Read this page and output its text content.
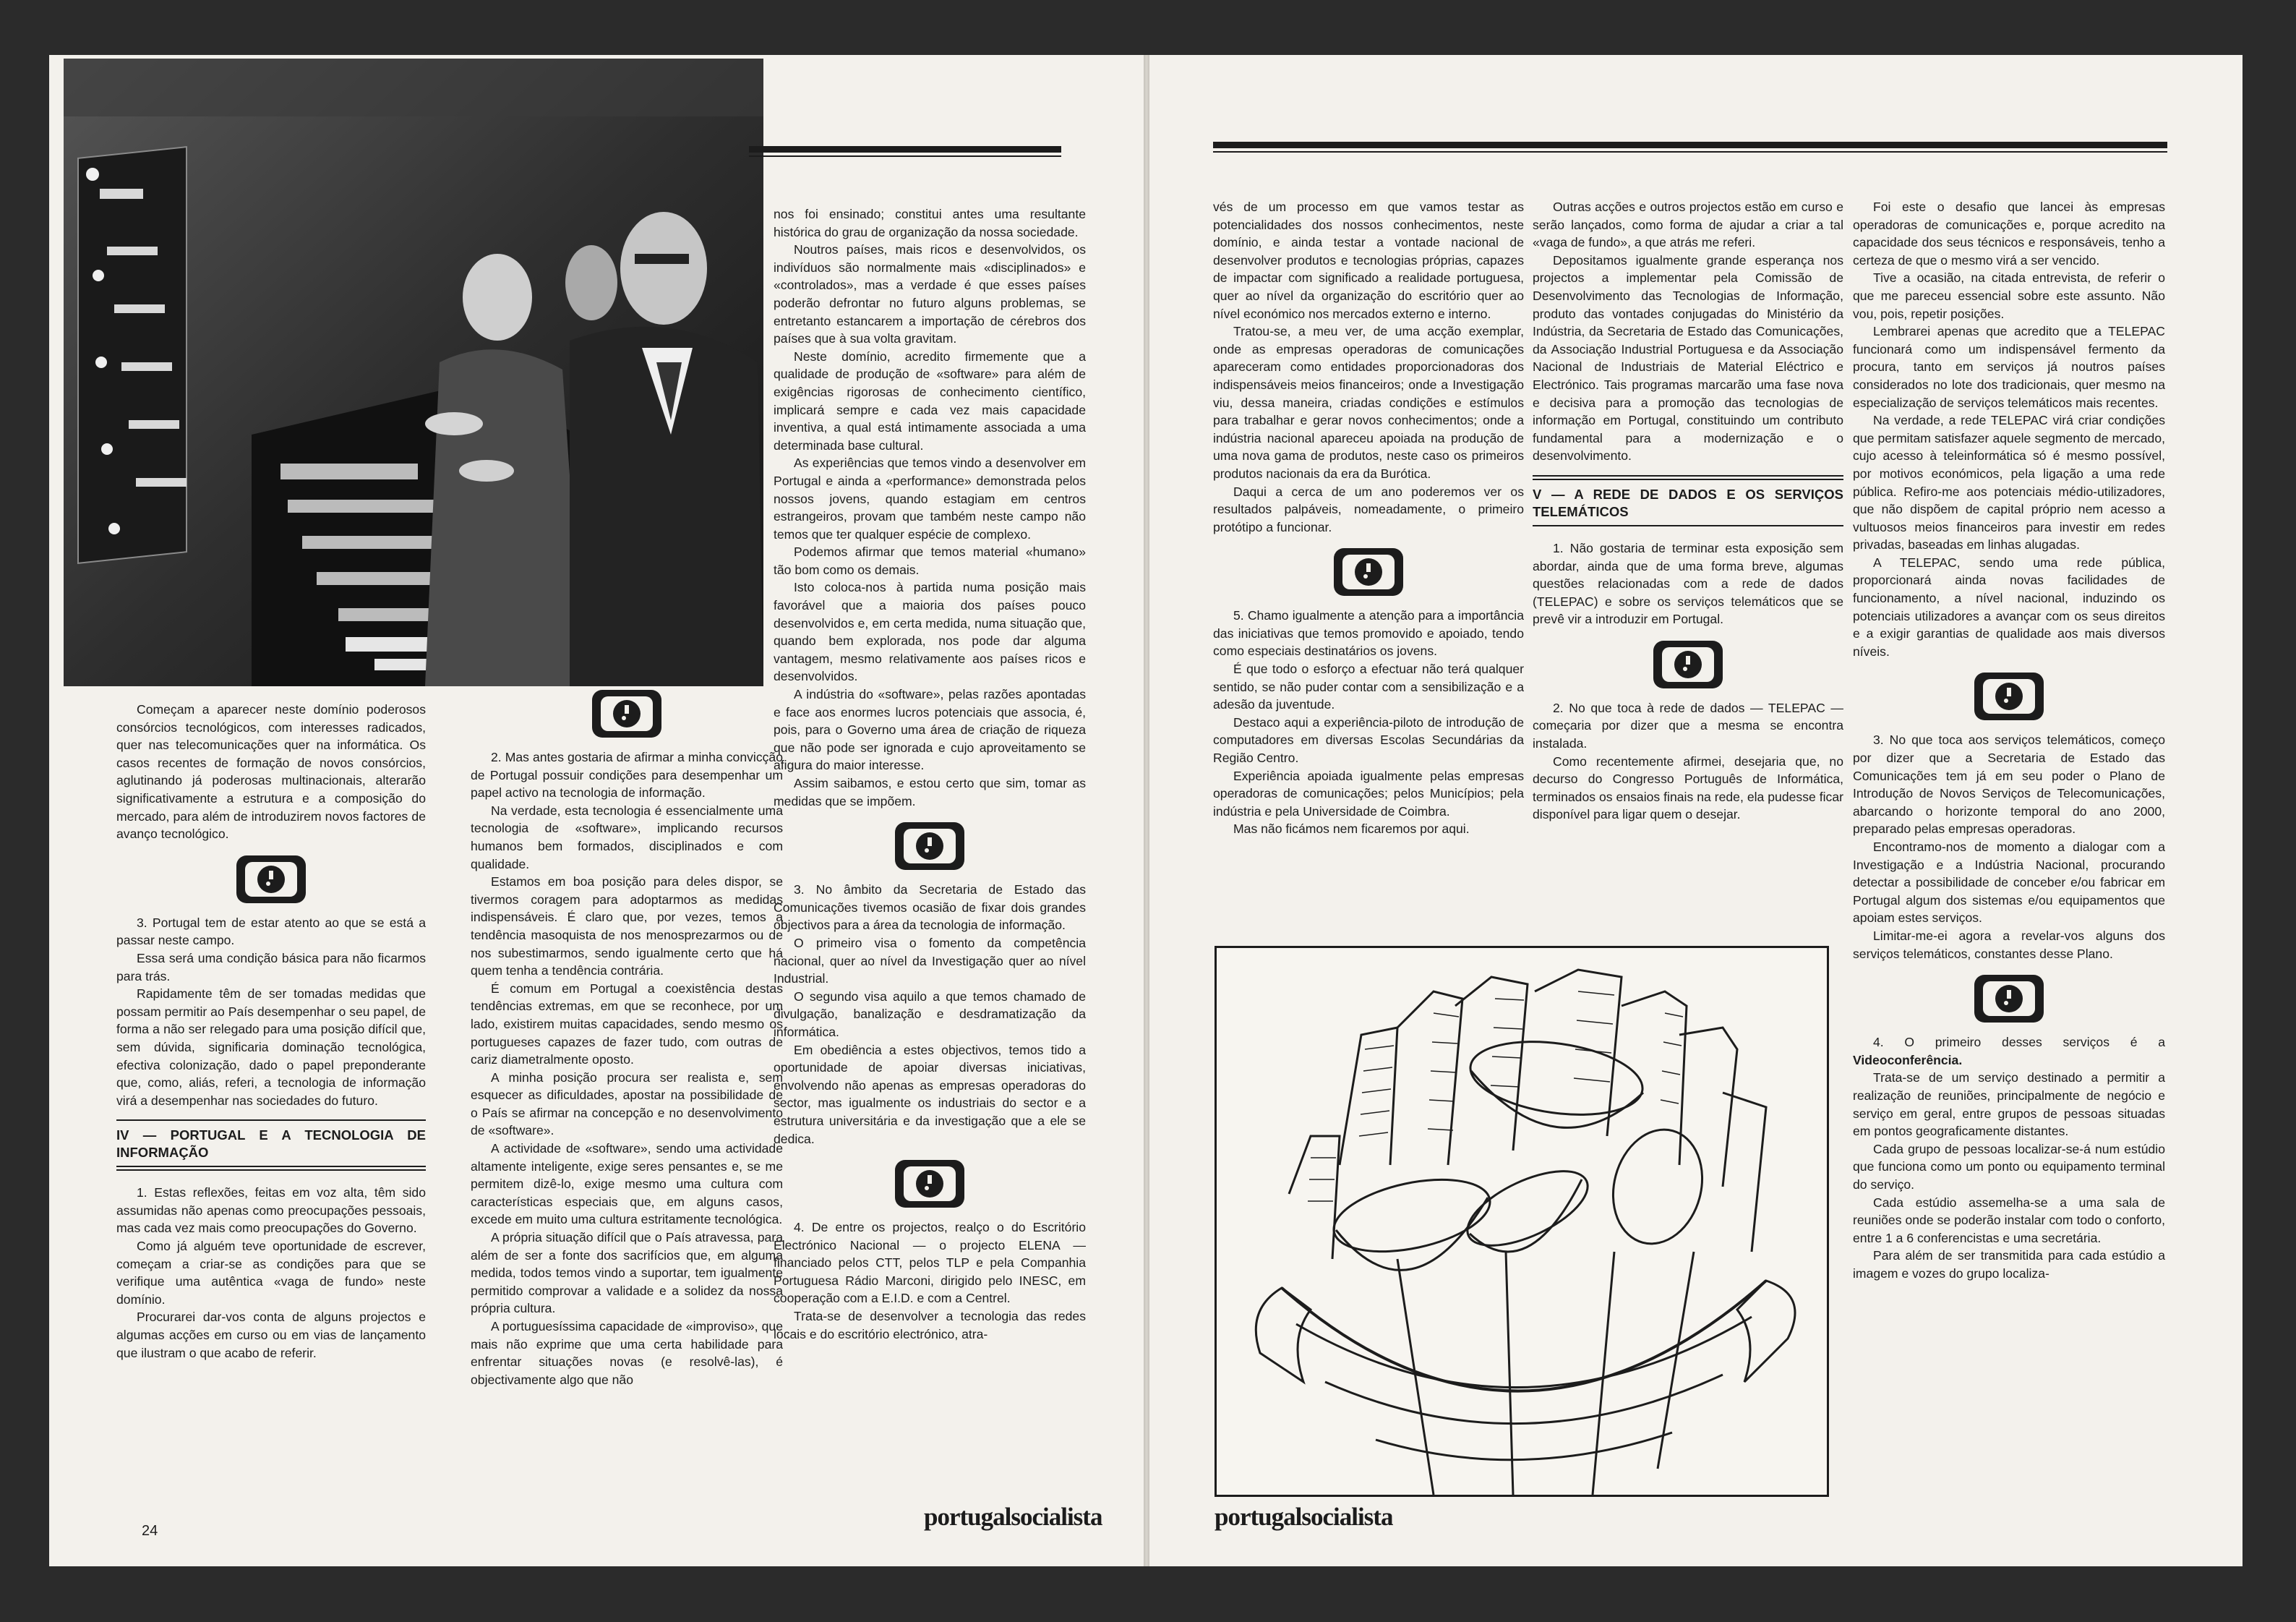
Começam a aparecer neste domínio poderosos consórcios tecnológicos, com interesses radicados, quer nas telecomunicações quer na informática. Os casos recentes de formação de novos consórcios, aglutinando já poderosas multinacionais, alterarão significativamente a estrutura e a composição do mercado, para além de introduzirem novos factores de avanço tecnológico.

3. Portugal tem de estar atento ao que se está a passar neste campo.

Essa será uma condição básica para não ficarmos para trás.

Rapidamente têm de ser tomadas medidas que possam permitir ao País desempenhar o seu papel, de forma a não ser relegado para uma posição difícil que, sem dúvida, significaria dominação tecnológica, efectiva colonização, dado o papel preponderante que, como, aliás, referi, a tecnologia de informação virá a desempenhar nas sociedades do futuro.

IV — PORTUGAL E A TECNOLOGIA DE INFORMAÇÃO

1. Estas reflexões, feitas em voz alta, têm sido assumidas não apenas como preocupações pessoais, mas cada vez mais como preocupações do Governo.

Como já alguém teve oportunidade de escrever, começam a criar-se as condições para que se verifique uma autêntica «vaga de fundo» neste domínio.

Procurarei dar-vos conta de alguns projectos e algumas acções em curso ou em vias de lançamento que ilustram o que acabo de referir.

2. Mas antes gostaria de afirmar a minha convicção de Portugal possuir condições para desempenhar um papel activo na tecnologia de informação.

Na verdade, esta tecnologia é essencialmente uma tecnologia de «software», implicando recursos humanos bem formados, disciplinados e com qualidade.

Estamos em boa posição para deles dispor, se tivermos coragem para adoptarmos as medidas indispensáveis. É claro que, por vezes, temos a tendência masoquista de nos menosprezarmos ou de nos subestimarmos, sendo igualmente certo que há quem tenha a tendência contrária.

É comum em Portugal a coexistência destas tendências extremas, em que se reconhece, por um lado, existirem muitas capacidades, sendo mesmo os portugueses capazes de fazer tudo, com outras de cariz diametralmente oposto.

A minha posição procura ser realista e, sem esquecer as dificuldades, apostar na possibilidade de o País se afirmar na concepção e no desenvolvimento de «software».

A actividade de «software», sendo uma actividade altamente inteligente, exige seres pensantes e, se me permitem dizê-lo, exige mesmo uma cultura com características especiais que, em alguns casos, excede em muito uma cultura estritamente tecnológica.

A própria situação difícil que o País atravessa, para além de ser a fonte dos sacrifícios que, em alguma medida, todos temos vindo a suportar, tem igualmente permitido comprovar a validade e a solidez da nossa própria cultura.

A portuguesíssima capacidade de «improviso», que mais não exprime que uma certa habilidade para enfrentar situações novas (e resolvê-las), é objectivamente algo que não

nos foi ensinado; constitui antes uma resultante histórica do grau de organização da nossa sociedade.

Noutros países, mais ricos e desenvolvidos, os indivíduos são normalmente mais «disciplinados» e «controlados», mas a verdade é que esses países poderão defrontar no futuro alguns problemas, se entretanto estancarem a importação de cérebros dos países que à sua volta gravitam.

Neste domínio, acredito firmemente que a qualidade de produção de «software» para além de exigências rigorosas de conhecimento científico, implicará sempre e cada vez mais capacidade inventiva, a qual está intimamente associada a uma determinada base cultural.

As experiências que temos vindo a desenvolver em Portugal e ainda a «performance» demonstrada pelos nossos jovens, quando estagiam em centros estrangeiros, provam que também neste campo não temos que ter qualquer espécie de complexo.

Podemos afirmar que temos material «humano» tão bom como os demais.

Isto coloca-nos à partida numa posição mais favorável que a maioria dos países pouco desenvolvidos e, em certa medida, numa situação que, quando bem explorada, nos pode dar alguma vantagem, mesmo relativamente aos países ricos e desenvolvidos.

A indústria do «software», pelas razões apontadas e face aos enormes lucros potenciais que associa, é, pois, para o Governo uma área de criação de riqueza que não pode ser ignorada e cujo aproveitamento se afigura do maior interesse.

Assim saibamos, e estou certo que sim, tomar as medidas que se impõem.

3. No âmbito da Secretaria de Estado das Comunicações tivemos ocasião de fixar dois grandes objectivos para a área da tecnologia de informação.

O primeiro visa o fomento da competência nacional, quer ao nível da Investigação quer ao nível Industrial.

O segundo visa aquilo a que temos chamado de divulgação, banalização e desdramatização da informática.

Em obediência a estes objectivos, temos tido a oportunidade de apoiar diversas iniciativas, envolvendo não apenas as empresas operadoras do sector, mas igualmente os industriais do sector e a estrutura universitária e da investigação que a ele se dedica.

4. De entre os projectos, realço o do Escritório Electrónico Nacional — o projecto ELENA — financiado pelos CTT, pelos TLP e pela Companhia Portuguesa Rádio Marconi, dirigido pelo INESC, em cooperação com a E.I.D. e com a Centrel.

Trata-se de desenvolver a tecnologia das redes locais e do escritório electrónico, atra-

24	portugalsocialista

vés de um processo em que vamos testar as potencialidades dos nossos conhecimentos, neste domínio, e ainda testar a vontade nacional de desenvolver produtos e tecnologias próprias, capazes de impactar com significado a realidade portuguesa, quer ao nível da organização do escritório quer ao nível económico nos mercados externo e interno.

Tratou-se, a meu ver, de uma acção exemplar, onde as empresas operadoras de comunicações apareceram como entidades proporcionadoras dos indispensáveis meios financeiros; onde a Investigação viu, dessa maneira, criadas condições e estímulos para trabalhar e gerar novos conhecimentos; onde a indústria nacional apareceu apoiada na produção de uma nova gama de produtos, neste caso os primeiros produtos nacionais da era da Burótica.

Daqui a cerca de um ano poderemos ver os resultados palpáveis, nomeadamente, o primeiro protótipo a funcionar.

5. Chamo igualmente a atenção para a importância das iniciativas que temos promovido e apoiado, tendo como especiais destinatários os jovens.

É que todo o esforço a efectuar não terá qualquer sentido, se não puder contar com a sensibilização e a adesão da juventude.

Destaco aqui a experiência-piloto de introdução de computadores em diversas Escolas Secundárias da Região Centro.

Experiência apoiada igualmente pelas empresas operadoras de comunicações; pelos Municípios; pela indústria e pela Universidade de Coimbra.

Mas não ficámos nem ficaremos por aqui.

Outras acções e outros projectos estão em curso e serão lançados, como forma de ajudar a criar a tal «vaga de fundo», a que atrás me referi.

Depositamos igualmente grande esperança nos projectos a implementar pela Comissão de Desenvolvimento das Tecnologias de Informação, produto das vontades conjugadas do Ministério da Indústria, da Secretaria de Estado das Comunicações, da Associação Industrial Portuguesa e da Associação Nacional de Industriais de Material Eléctrico e Electrónico. Tais programas marcarão uma fase nova e decisiva para a promoção das tecnologias de informação em Portugal, constituindo um contributo fundamental para a modernização e o desenvolvimento.

V — A REDE DE DADOS E OS SERVIÇOS TELEMÁTICOS

1. Não gostaria de terminar esta exposição sem abordar, ainda que de uma forma breve, algumas questões relacionadas com a rede de dados (TELEPAC) e sobre os serviços telemáticos que se prevê vir a introduzir em Portugal.

2. No que toca à rede de dados — TELEPAC — começaria por dizer que a mesma se encontra instalada.

Como recentemente afirmei, desejaria que, no decurso do Congresso Português de Informática, terminados os ensaios finais na rede, ela pudesse ficar disponível para ligar quem o desejar.

Foi este o desafio que lancei às empresas operadoras de comunicações e, porque acredito na capacidade dos seus técnicos e responsáveis, tenho a certeza de que o mesmo virá a ser vencido.

Tive a ocasião, na citada entrevista, de referir o que me pareceu essencial sobre este assunto. Não vou, pois, repetir posições.

Lembrarei apenas que acredito que a TELEPAC funcionará como um indispensável fermento da procura, tanto em serviços já noutros países considerados no lote dos tradicionais, quer mesmo na especialização de serviços telemáticos mais recentes.

Na verdade, a rede TELEPAC virá criar condições que permitam satisfazer aquele segmento de mercado, cujo acesso à teleinformática só é mesmo possível, por motivos económicos, pela ligação a uma rede pública. Refiro-me aos potenciais médio-utilizadores, que não dispõem de capital próprio nem acesso a vultuosos meios financeiros para investir em redes privadas, baseadas em linhas alugadas.

A TELEPAC, sendo uma rede pública, proporcionará ainda novas facilidades de funcionamento, a nível nacional, induzindo os potenciais utilizadores a avançar com os seus direitos e a exigir garantias de qualidade aos mais diversos níveis.

3. No que toca aos serviços telemáticos, começo por dizer que a Secretaria de Estado das Comunicações tem já em seu poder o Plano de Introdução de Novos Serviços de Telecomunicações, abarcando o horizonte temporal do ano 2000, preparado pelas empresas operadoras.

Encontramo-nos de momento a dialogar com a Investigação e a Indústria Nacional, procurando detectar a possibilidade de conceber e/ou fabricar em Portugal algum dos sistemas e/ou equipamentos que apoiam estes serviços.

Limitar-me-ei agora a revelar-vos alguns dos serviços telemáticos, constantes desse Plano.

4. O primeiro desses serviços é a Videoconferência.

Trata-se de um serviço destinado a permitir a realização de reuniões, principalmente de negócio e serviço em geral, entre grupos de pessoas situadas em pontos geograficamente distantes.

Cada grupo de pessoas localizar-se-á num estúdio que funciona como um ponto ou equipamento terminal do serviço.

Cada estúdio assemelha-se a uma sala de reuniões onde se poderão instalar com todo o conforto, entre 1 a 6 conferencistas e uma secretária.

Para além de ser transmitida para cada estúdio a imagem e vozes do grupo localiza-

portugalsocialista
